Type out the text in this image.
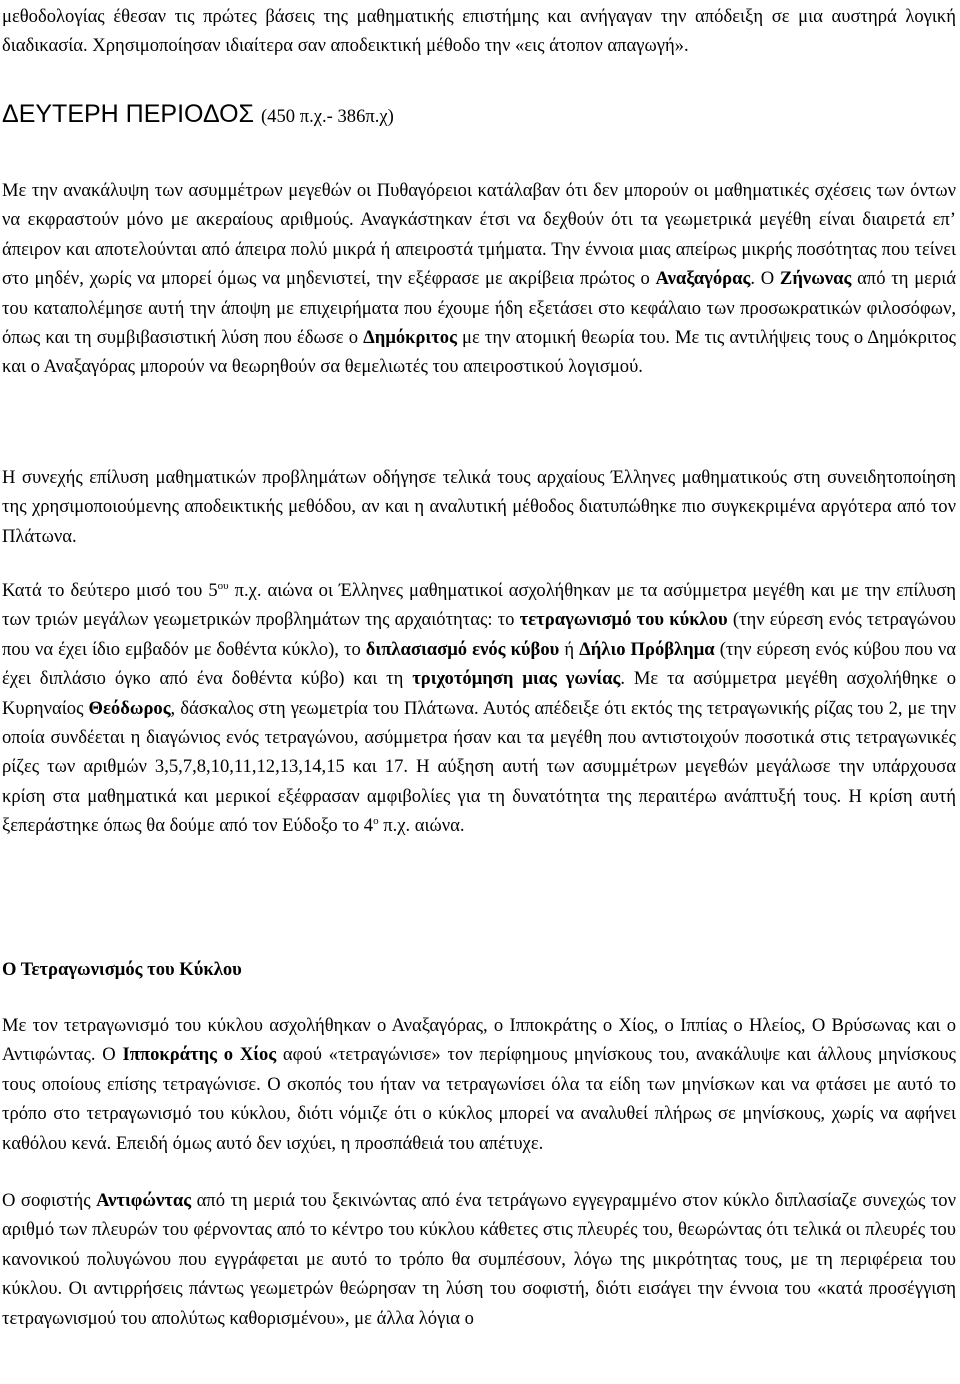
μεθοδολογίας έθεσαν τις πρώτες βάσεις της μαθηματικής επιστήμης και ανήγαγαν την απόδειξη σε μια αυστηρά λογική διαδικασία. Χρησιμοποίησαν ιδιαίτερα σαν αποδεικτική μέθοδο την «εις άτοπον απαγωγή».

ΔΕΥΤΕΡΗ ΠΕΡΙΟΔΟΣ (450 π.χ.- 386π.χ)

Με την ανακάλυψη των ασυμμέτρων μεγεθών οι Πυθαγόρειοι κατάλαβαν ότι δεν μπορούν οι μαθηματικές σχέσεις των όντων να εκφραστούν μόνο με ακεραίους αριθμούς. Αναγκάστηκαν έτσι να δεχθούν ότι τα γεωμετρικά μεγέθη είναι διαιρετά επ’ άπειρον και αποτελούνται από άπειρα πολύ μικρά ή απειροστά τμήματα. Την έννοια μιας απείρως μικρής ποσότητας που τείνει στο μηδέν, χωρίς να μπορεί όμως να μηδενιστεί, την εξέφρασε με ακρίβεια πρώτος ο Αναξαγόρας. Ο Ζήνωνας από τη μεριά του καταπολέμησε αυτή την άποψη με επιχειρήματα που έχουμε ήδη εξετάσει στο κεφάλαιο των προσωκρατικών φιλοσόφων, όπως και τη συμβιβασιστική λύση που έδωσε ο Δημόκριτος με την ατομική θεωρία του. Με τις αντιλήψεις τους ο Δημόκριτος και ο Αναξαγόρας μπορούν να θεωρηθούν σα θεμελιωτές του απειροστικού λογισμού.

Η συνεχής επίλυση μαθηματικών προβλημάτων οδήγησε τελικά τους αρχαίους Έλληνες μαθηματικούς στη συνειδητοποίηση της χρησιμοποιούμενης αποδεικτικής μεθόδου, αν και η αναλυτική μέθοδος διατυπώθηκε πιο συγκεκριμένα αργότερα από τον Πλάτωνα.

Κατά το δεύτερο μισό του $5^{o\upsilon}$ π.χ. αιώνα οι Έλληνες μαθηματικοί ασχολήθηκαν με τα ασύμμετρα μεγέθη και με την επίλυση των τριών μεγάλων γεωμετρικών προβλημάτων της αρχαιότητας: το τετραγωνισμό του κύκλου (την εύρεση ενός τετραγώνου που να έχει ίδιο εμβαδόν με δοθέντα κύκλο), το διπλασιασμό ενός κύβου ή Δήλιο Πρόβλημα (την εύρεση ενός κύβου που να έχει διπλάσιο όγκο από ένα δοθέντα κύβο) και τη τριχοτόμηση μιας γωνίας. Με τα ασύμμετρα μεγέθη ασχολήθηκε ο Κυρηναίος Θεόδωρος, δάσκαλος στη γεωμετρία του Πλάτωνα. Αυτός απέδειξε ότι εκτός της τετραγωνικής ρίζας του 2, με την οποία συνδέεται η διαγώνιος ενός τετραγώνου, ασύμμετρα ήσαν και τα μεγέθη που αντιστοιχούν ποσοτικά στις τετραγωνικές ρίζες των αριθμών 3,5,7,8,10,11,12,13,14,15 και 17. Η αύξηση αυτή των ασυμμέτρων μεγεθών μεγάλωσε την υπάρχουσα κρίση στα μαθηματικά και μερικοί εξέφρασαν αμφιβολίες για τη δυνατότητα της περαιτέρω ανάπτυξή τους. Η κρίση αυτή ξεπεράστηκε όπως θα δούμε από τον Εύδοξο το $4^o$ π.χ. αιώνα.

Ο Τετραγωνισμός του Κύκλου

Με τον τετραγωνισμό του κύκλου ασχολήθηκαν ο Αναξαγόρας, ο Ιπποκράτης ο Χίος, ο Ιππίας ο Ηλείος, Ο Βρύσωνας και ο Αντιφώντας. Ο Ιπποκράτης ο Χίος αφού «τετραγώνισε» τον περίφημους μηνίσκους του, ανακάλυψε και άλλους μηνίσκους τους οποίους επίσης τετραγώνισε. Ο σκοπός του ήταν να τετραγωνίσει όλα τα είδη των μηνίσκων και να φτάσει με αυτό το τρόπο στο τετραγωνισμό του κύκλου, διότι νόμιζε ότι ο κύκλος μπορεί να αναλυθεί πλήρως σε μηνίσκους, χωρίς να αφήνει καθόλου κενά. Επειδή όμως αυτό δεν ισχύει, η προσπάθειά του απέτυχε.

Ο σοφιστής Αντιφώντας από τη μεριά του ξεκινώντας από ένα τετράγωνο εγγεγραμμένο στον κύκλο διπλασίαζε συνεχώς τον αριθμό των πλευρών του φέρνοντας από το κέντρο του κύκλου κάθετες στις πλευρές του, θεωρώντας ότι τελικά οι πλευρές του κανονικού πολυγώνου που εγγράφεται με αυτό το τρόπο θα συμπέσουν, λόγω της μικρότητας τους, με τη περιφέρεια του κύκλου. Οι αντιρρήσεις πάντως γεωμετρών θεώρησαν τη λύση του σοφιστή, διότι εισάγει την έννοια του «κατά προσέγγιση τετραγωνισμού του απολύτως καθορισμένου», με άλλα λόγια ο
